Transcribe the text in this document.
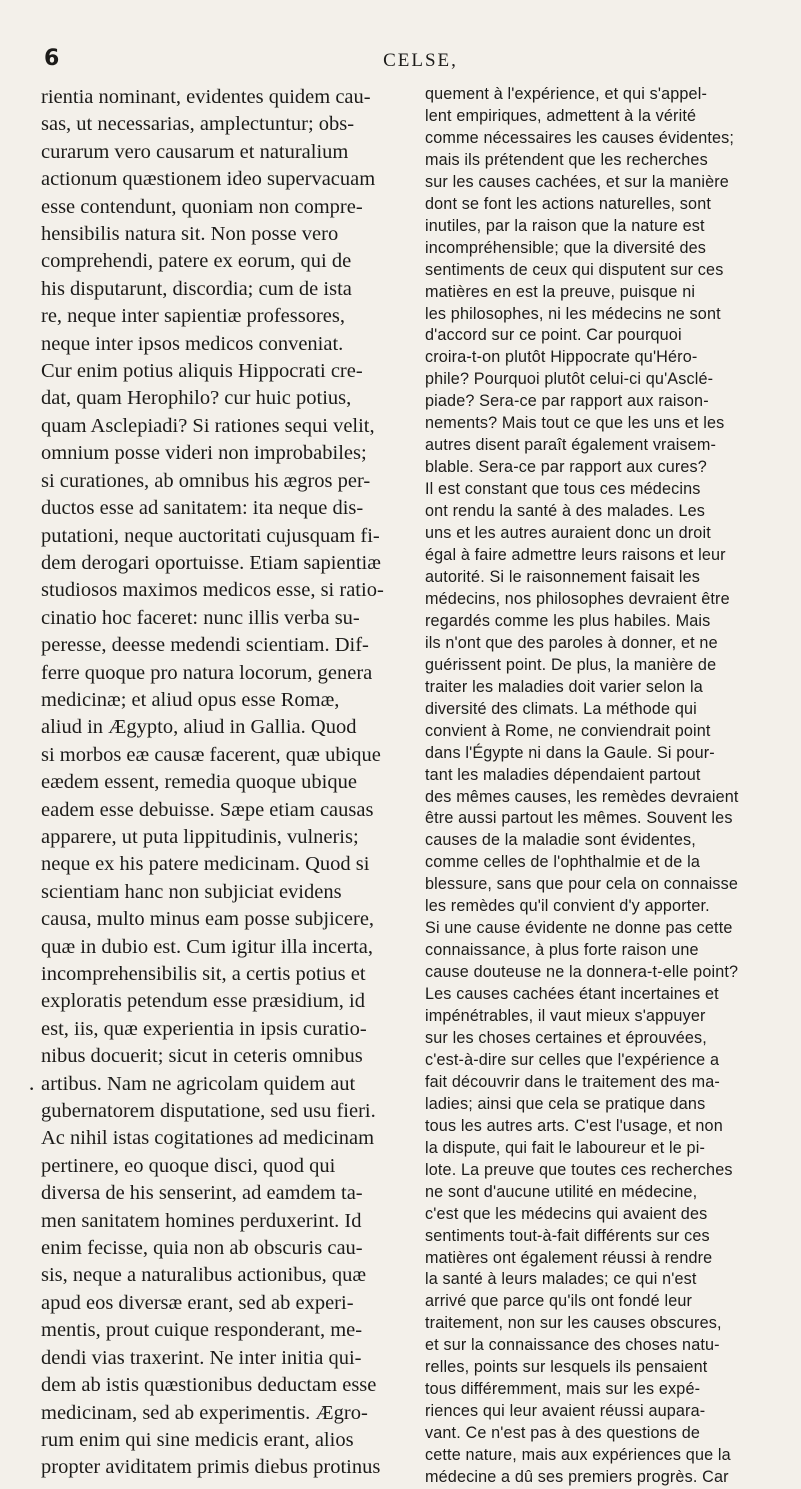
6	CELSE,
rientia nominant, evidentes quidem cau-
sas, ut necessarias, amplectuntur; obs-
curarum vero causarum et naturalium
actionum quæstionem ideo supervacuam
esse contendunt, quoniam non compre-
hensibilis natura sit. Non posse vero
comprehendi, patere ex eorum, qui de
his disputarunt, discordia; cum de ista
re, neque inter sapientiæ professores,
neque inter ipsos medicos conveniat.
Cur enim potius aliquis Hippocrati cre-
dat, quam Herophilo? cur huic potius,
quam Asclepiadi? Si rationes sequi velit,
omnium posse videri non improbabiles;
si curationes, ab omnibus his ægros per-
ductos esse ad sanitatem: ita neque dis-
putationi, neque auctoritati cujusquam fi-
dem derogari oportuisse. Etiam sapientiæ
studiosos maximos medicos esse, si ratio-
cinatio hoc faceret: nunc illis verba su-
peresse, deesse medendi scientiam. Dif-
ferre quoque pro natura locorum, genera
medicinæ; et aliud opus esse Romæ,
aliud in Ægypto, aliud in Gallia. Quod
si morbos eæ causæ facerent, quæ ubique
eædem essent, remedia quoque ubique
eadem esse debuisse. Sæpe etiam causas
apparere, ut puta lippitudinis, vulneris;
neque ex his patere medicinam. Quod si
scientiam hanc non subjiciat evidens
causa, multo minus eam posse subjicere,
quæ in dubio est. Cum igitur illa incerta,
incomprehensibilis sit, a certis potius et
exploratis petendum esse præsidium, id
est, iis, quæ experientia in ipsis curatio-
nibus docuerit; sicut in ceteris omnibus
artibus. Nam ne agricolam quidem aut
gubernatorem disputatione, sed usu fieri.
Ac nihil istas cogitationes ad medicinam
pertinere, eo quoque disci, quod qui
diversa de his senserint, ad eamdem ta-
men sanitatem homines perduxerint. Id
enim fecisse, quia non ab obscuris cau-
sis, neque a naturalibus actionibus, quæ
apud eos diversæ erant, sed ab experi-
mentis, prout cuique responderant, me-
dendi vias traxerint. Ne inter initia qui-
dem ab istis quæstionibus deductam esse
medicinam, sed ab experimentis. Ægro-
rum enim qui sine medicis erant, alios
propter aviditatem primis diebus protinus
quement à l'expérience, et qui s'appel-
lent empiriques, admettent à la vérité
comme nécessaires les causes évidentes;
mais ils prétendent que les recherches
sur les causes cachées, et sur la manière
dont se font les actions naturelles, sont
inutiles, par la raison que la nature est
incompréhensible; que la diversité des
sentiments de ceux qui disputent sur ces
matières en est la preuve, puisque ni
les philosophes, ni les médecins ne sont
d'accord sur ce point. Car pourquoi
croira-t-on plutôt Hippocrate qu'Héro-
phile? Pourquoi plutôt celui-ci qu'Asclé-
piade? Sera-ce par rapport aux raison-
nements? Mais tout ce que les uns et les
autres disent paraît également vraisem-
blable. Sera-ce par rapport aux cures?
Il est constant que tous ces médecins
ont rendu la santé à des malades. Les
uns et les autres auraient donc un droit
égal à faire admettre leurs raisons et leur
autorité. Si le raisonnement faisait les
médecins, nos philosophes devraient être
regardés comme les plus habiles. Mais
ils n'ont que des paroles à donner, et ne
guérissent point. De plus, la manière de
traiter les maladies doit varier selon la
diversité des climats. La méthode qui
convient à Rome, ne conviendrait point
dans l'Égypte ni dans la Gaule. Si pour-
tant les maladies dépendaient partout
des mêmes causes, les remèdes devraient
être aussi partout les mêmes. Souvent les
causes de la maladie sont évidentes,
comme celles de l'ophthalmie et de la
blessure, sans que pour cela on connaisse
les remèdes qu'il convient d'y apporter.
Si une cause évidente ne donne pas cette
connaissance, à plus forte raison une
cause douteuse ne la donnera-t-elle point?
Les causes cachées étant incertaines et
impénétrables, il vaut mieux s'appuyer
sur les choses certaines et éprouvées,
c'est-à-dire sur celles que l'expérience a
fait découvrir dans le traitement des ma-
ladies; ainsi que cela se pratique dans
tous les autres arts. C'est l'usage, et non
la dispute, qui fait le laboureur et le pi-
lote. La preuve que toutes ces recherches
ne sont d'aucune utilité en médecine,
c'est que les médecins qui avaient des
sentiments tout-à-fait différents sur ces
matières ont également réussi à rendre
la santé à leurs malades; ce qui n'est
arrivé que parce qu'ils ont fondé leur
traitement, non sur les causes obscures,
et sur la connaissance des choses natu-
relles, points sur lesquels ils pensaient
tous différemment, mais sur les expé-
riences qui leur avaient réussi aupara-
vant. Ce n'est pas à des questions de
cette nature, mais aux expériences que la
médecine a dû ses premiers progrès. Car
•
